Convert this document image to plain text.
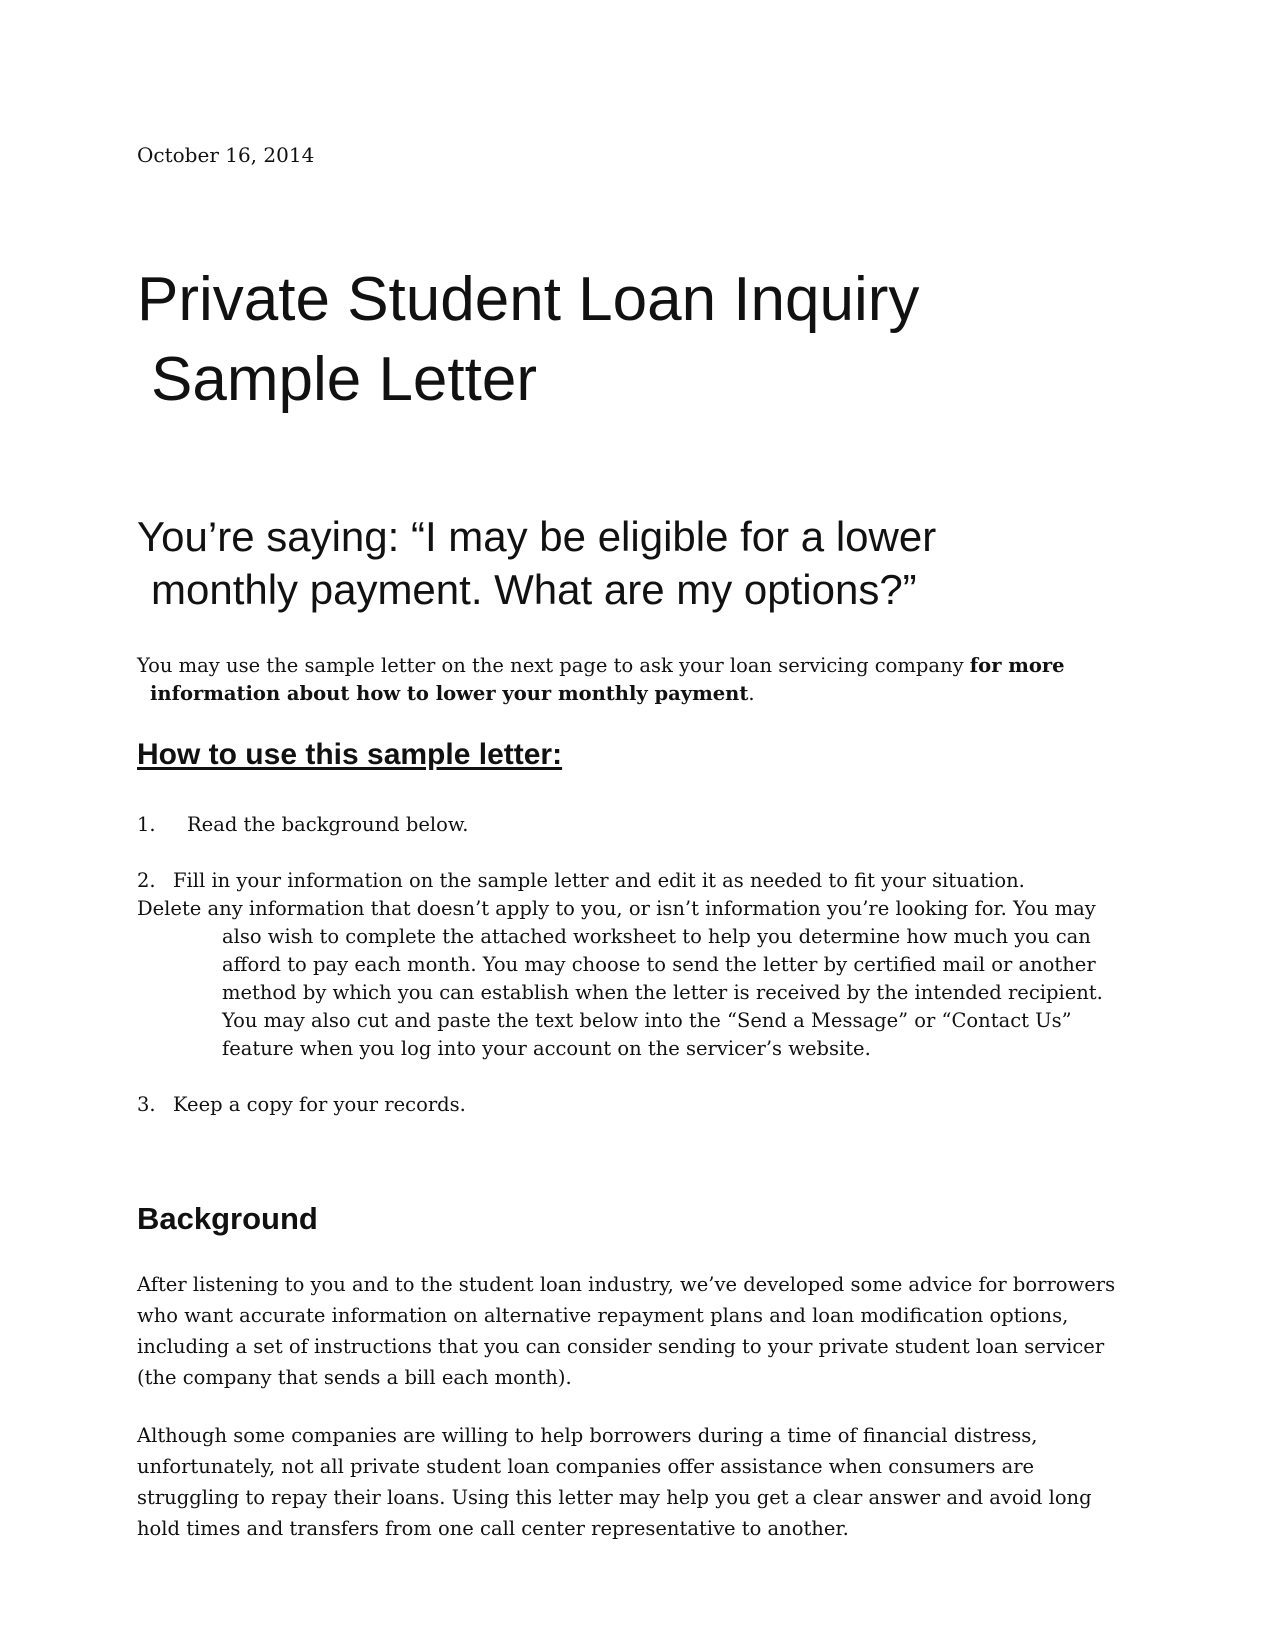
October 16, 2014

Private Student Loan Inquiry
Sample Letter
You’re saying: “I may be eligible for a lower
monthly payment. What are my options?”

You may use the sample letter on the next page to ask your loan servicing company for more
information about how to lower your monthly payment.

How to use this sample letter:

1. Read the background below.

2. Fill in your information on the sample letter and edit it as needed to fit your situation.

Delete any information that doesn’t apply to you, or isn’t information you’re looking for. You may
also wish to complete the attached worksheet to help you determine how much you can
afford to pay each month. You may choose to send the letter by certified mail or another
method by which you can establish when the letter is received by the intended recipient.
You may also cut and paste the text below into the “Send a Message” or “Contact Us”
feature when you log into your account on the servicer’s website.

3. Keep a copy for your records.

Background

After listening to you and to the student loan industry, we’ve developed some advice for borrowers
who want accurate information on alternative repayment plans and loan modification options,
including a set of instructions that you can consider sending to your private student loan servicer
(the company that sends a bill each month).

Although some companies are willing to help borrowers during a time of financial distress,
unfortunately, not all private student loan companies offer assistance when consumers are
struggling to repay their loans. Using this letter may help you get a clear answer and avoid long
hold times and transfers from one call center representative to another.
